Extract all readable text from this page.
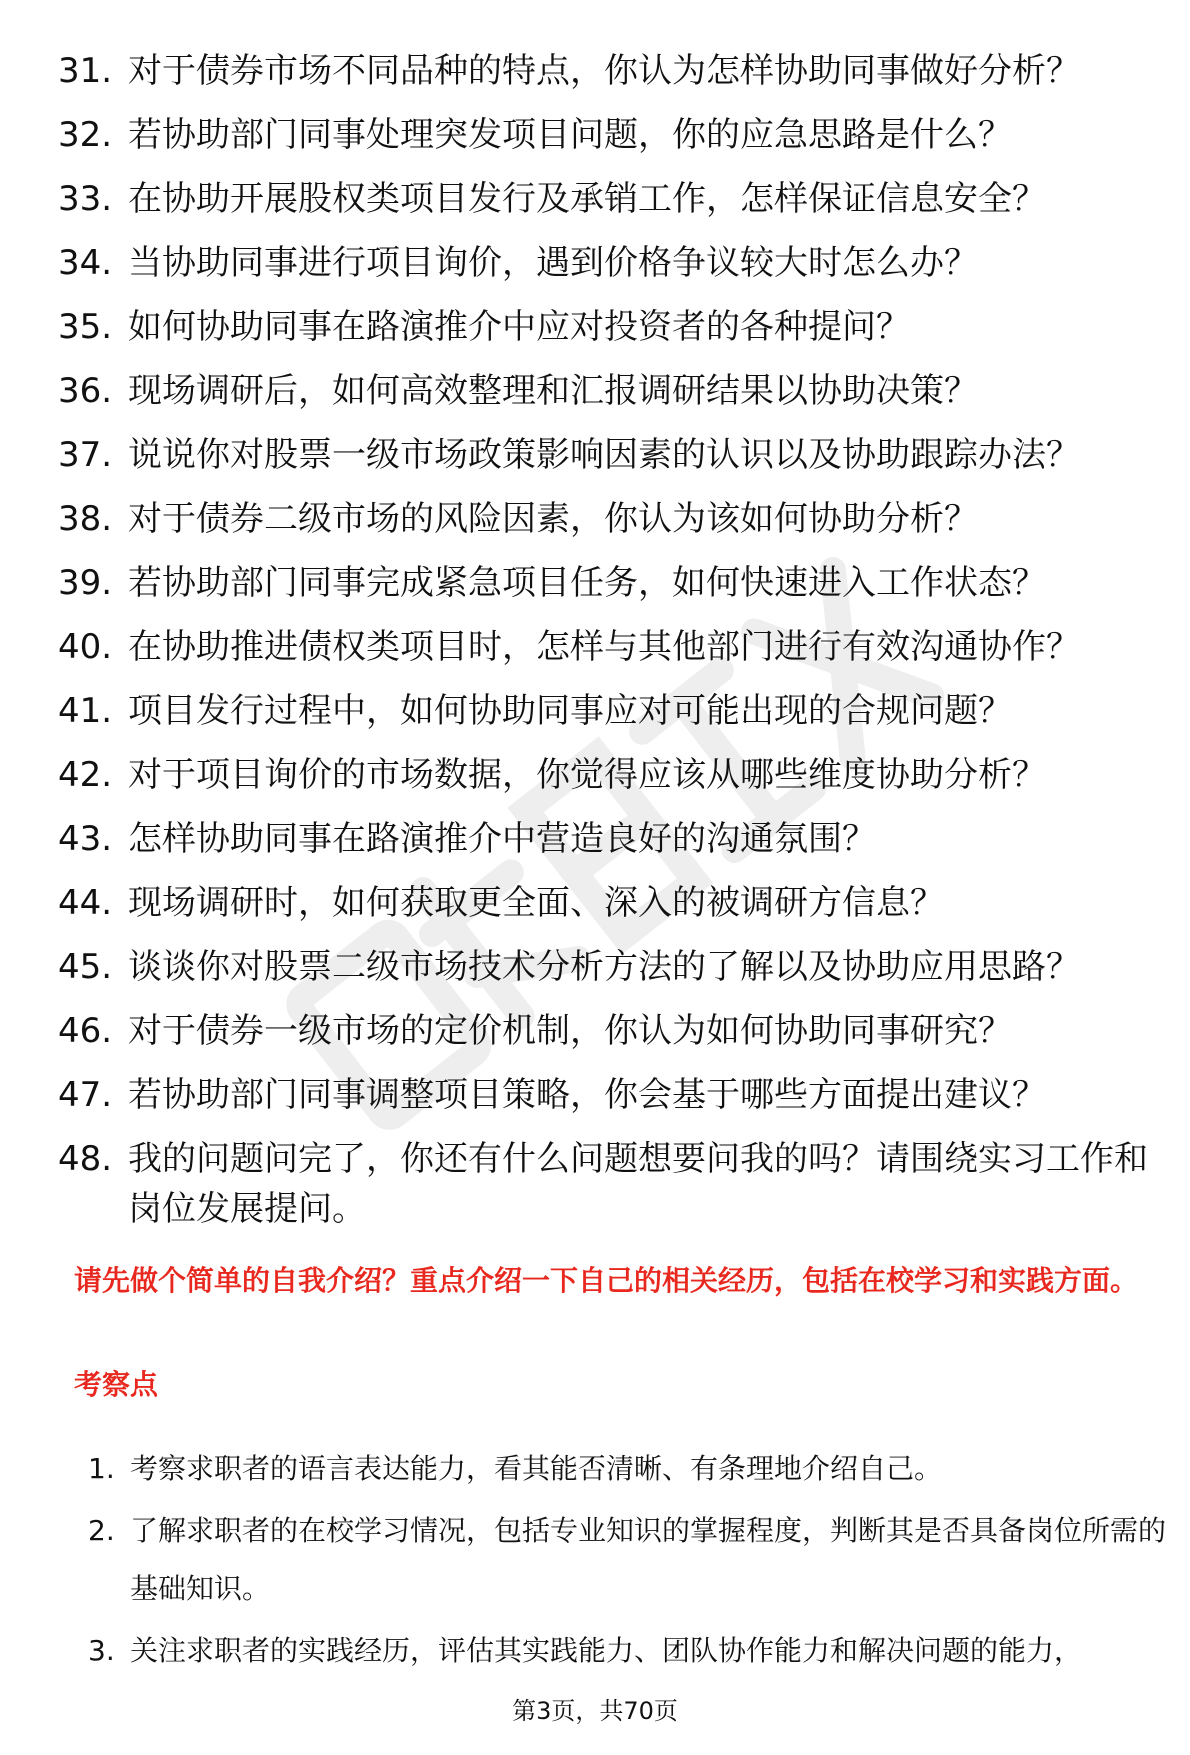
31. 对于债券市场不同品种的特点，你认为怎样协助同事做好分析？
32. 若协助部门同事处理突发项目问题，你的应急思路是什么？
33. 在协助开展股权类项目发行及承销工作，怎样保证信息安全？
34. 当协助同事进行项目询价，遇到价格争议较大时怎么办？
35. 如何协助同事在路演推介中应对投资者的各种提问？
36. 现场调研后，如何高效整理和汇报调研结果以协助决策？
37. 说说你对股票一级市场政策影响因素的认识以及协助跟踪办法？
38. 对于债券二级市场的风险因素，你认为该如何协助分析？
39. 若协助部门同事完成紧急项目任务，如何快速进入工作状态？
40. 在协助推进债权类项目时，怎样与其他部门进行有效沟通协作？
41. 项目发行过程中，如何协助同事应对可能出现的合规问题？
42. 对于项目询价的市场数据，你觉得应该从哪些维度协助分析？
43. 怎样协助同事在路演推介中营造良好的沟通氛围？
44. 现场调研时，如何获取更全面、深入的被调研方信息？
45. 谈谈你对股票二级市场技术分析方法的了解以及协助应用思路？
46. 对于债券一级市场的定价机制，你认为如何协助同事研究？
47. 若协助部门同事调整项目策略，你会基于哪些方面提出建议？
48. 我的问题问完了，你还有什么问题想要问我的吗？请围绕实习工作和岗位发展提问。

请先做个简单的自我介绍？重点介绍一下自己的相关经历，包括在校学习和实践方面。

考察点
1. 考察求职者的语言表达能力，看其能否清晰、有条理地介绍自己。
2. 了解求职者的在校学习情况，包括专业知识的掌握程度，判断其是否具备岗位所需的基础知识。
3. 关注求职者的实践经历，评估其实践能力、团队协作能力和解决问题的能力，
第3页，共70页
